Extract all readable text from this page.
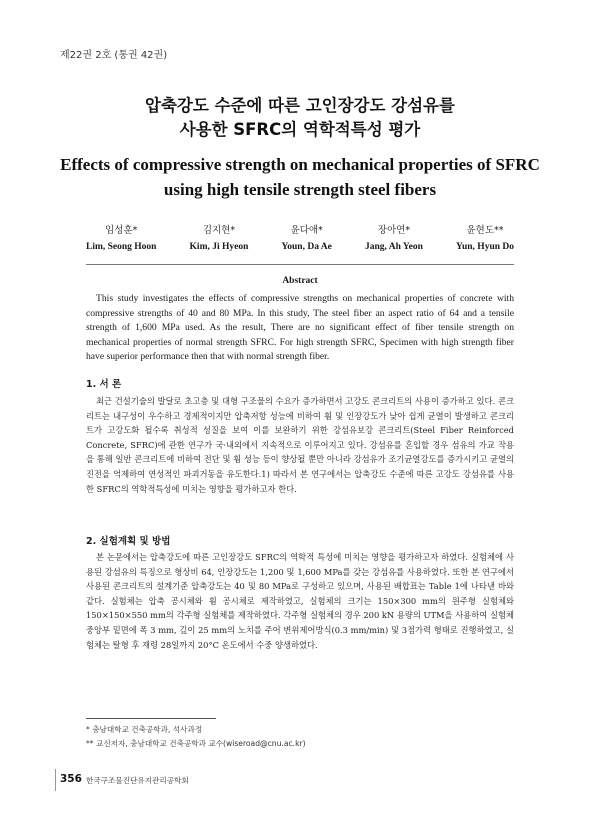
제22권 2호 (통권 42권)
압축강도 수준에 따른 고인장강도 강섬유를
사용한 SFRC의 역학적특성 평가
Effects of compressive strength on mechanical properties of SFRC
using high tensile strength steel fibers
임성훈*
Lim, Seong Hoon
김지현*
Kim, Ji Hyeon
윤다애*
Youn, Da Ae
장아연*
Jang, Ah Yeon
윤현도**
Yun, Hyun Do
Abstract
This study investigates the effects of compressive strengths on mechanical properties of concrete with compressive strengths of 40 and 80 MPa. In this study, The steel fiber an aspect ratio of 64 and a tensile strength of 1,600 MPa used. As the result, There are no significant effect of fiber tensile strength on mechanical properties of normal strength SFRC. For high strength SFRC, Specimen with high strength fiber have superior performance then that with normal strength fiber.
1. 서 론
최근 건설기술의 발달로 초고층 및 대형 구조물의 수요가 증가하면서 고강도 콘크리트의 사용이 증가하고 있다. 콘크리트는 내구성이 우수하고 경제적이지만 압축저항 성능에 비하여 휨 및 인장강도가 낮아 쉽게 균열이 발생하고 콘크리트가 고강도화 될수록 취성적 성질을 보여 이를 보완하기 위한 강섬유보강 콘크리트(Steel Fiber Reinforced Concrete, SFRC)에 관한 연구가 국·내외에서 지속적으로 이루어지고 있다. 강섬유를 혼입할 경우 섬유의 가교 작용을 통해 일반 콘크리트에 비하여 전단 및 휨 성능 등이 향상될 뿐만 아니라 강섬유가 조기균열강도를 증가시키고 균열의 진전을 억제하여 연성적인 파괴거동을 유도한다.1) 따라서 본 연구에서는 압축강도 수준에 따른 고강도 강섬유를 사용한 SFRC의 역학적특성에 미치는 영향을 평가하고자 한다.
2. 실험계획 및 방법
본 논문에서는 압축강도에 따른 고인장강도 SFRC의 역학적 특성에 미치는 영향을 평가하고자 하였다. 실험체에 사용된 강섬유의 특징으로 형상비 64, 인장강도는 1,200 및 1,600 MPa를 갖는 강섬유를 사용하였다. 또한 본 연구에서 사용된 콘크리트의 설계기준 압축강도는 40 및 80 MPa로 구성하고 있으며, 사용된 배합표는 Table 1에 나타낸 바와 같다. 실험체는 압축 공시체와 휨 공시체로 제작하였고, 실험체의 크기는 150×300 mm의 원주형 실험체와 150×150×550 mm의 각주형 실험체를 제작하였다. 각주형 실험체의 경우 200 kN 용량의 UTM을 사용하여 실험체 중앙부 밑면에 폭 3 mm, 깊이 25 mm의 노치를 주어 변위제어방식(0.3 mm/min) 및 3점가력 형태로 진행하였고, 실험체는 탈형 후 재령 28일까지 20°C 온도에서 수중 양생하였다.
* 충남대학교 건축공학과, 석사과정
** 교신저자, 충남대학교 건축공학과 교수(wiseroad@cnu.ac.kr)
356 한국구조물진단유지관리공학회
